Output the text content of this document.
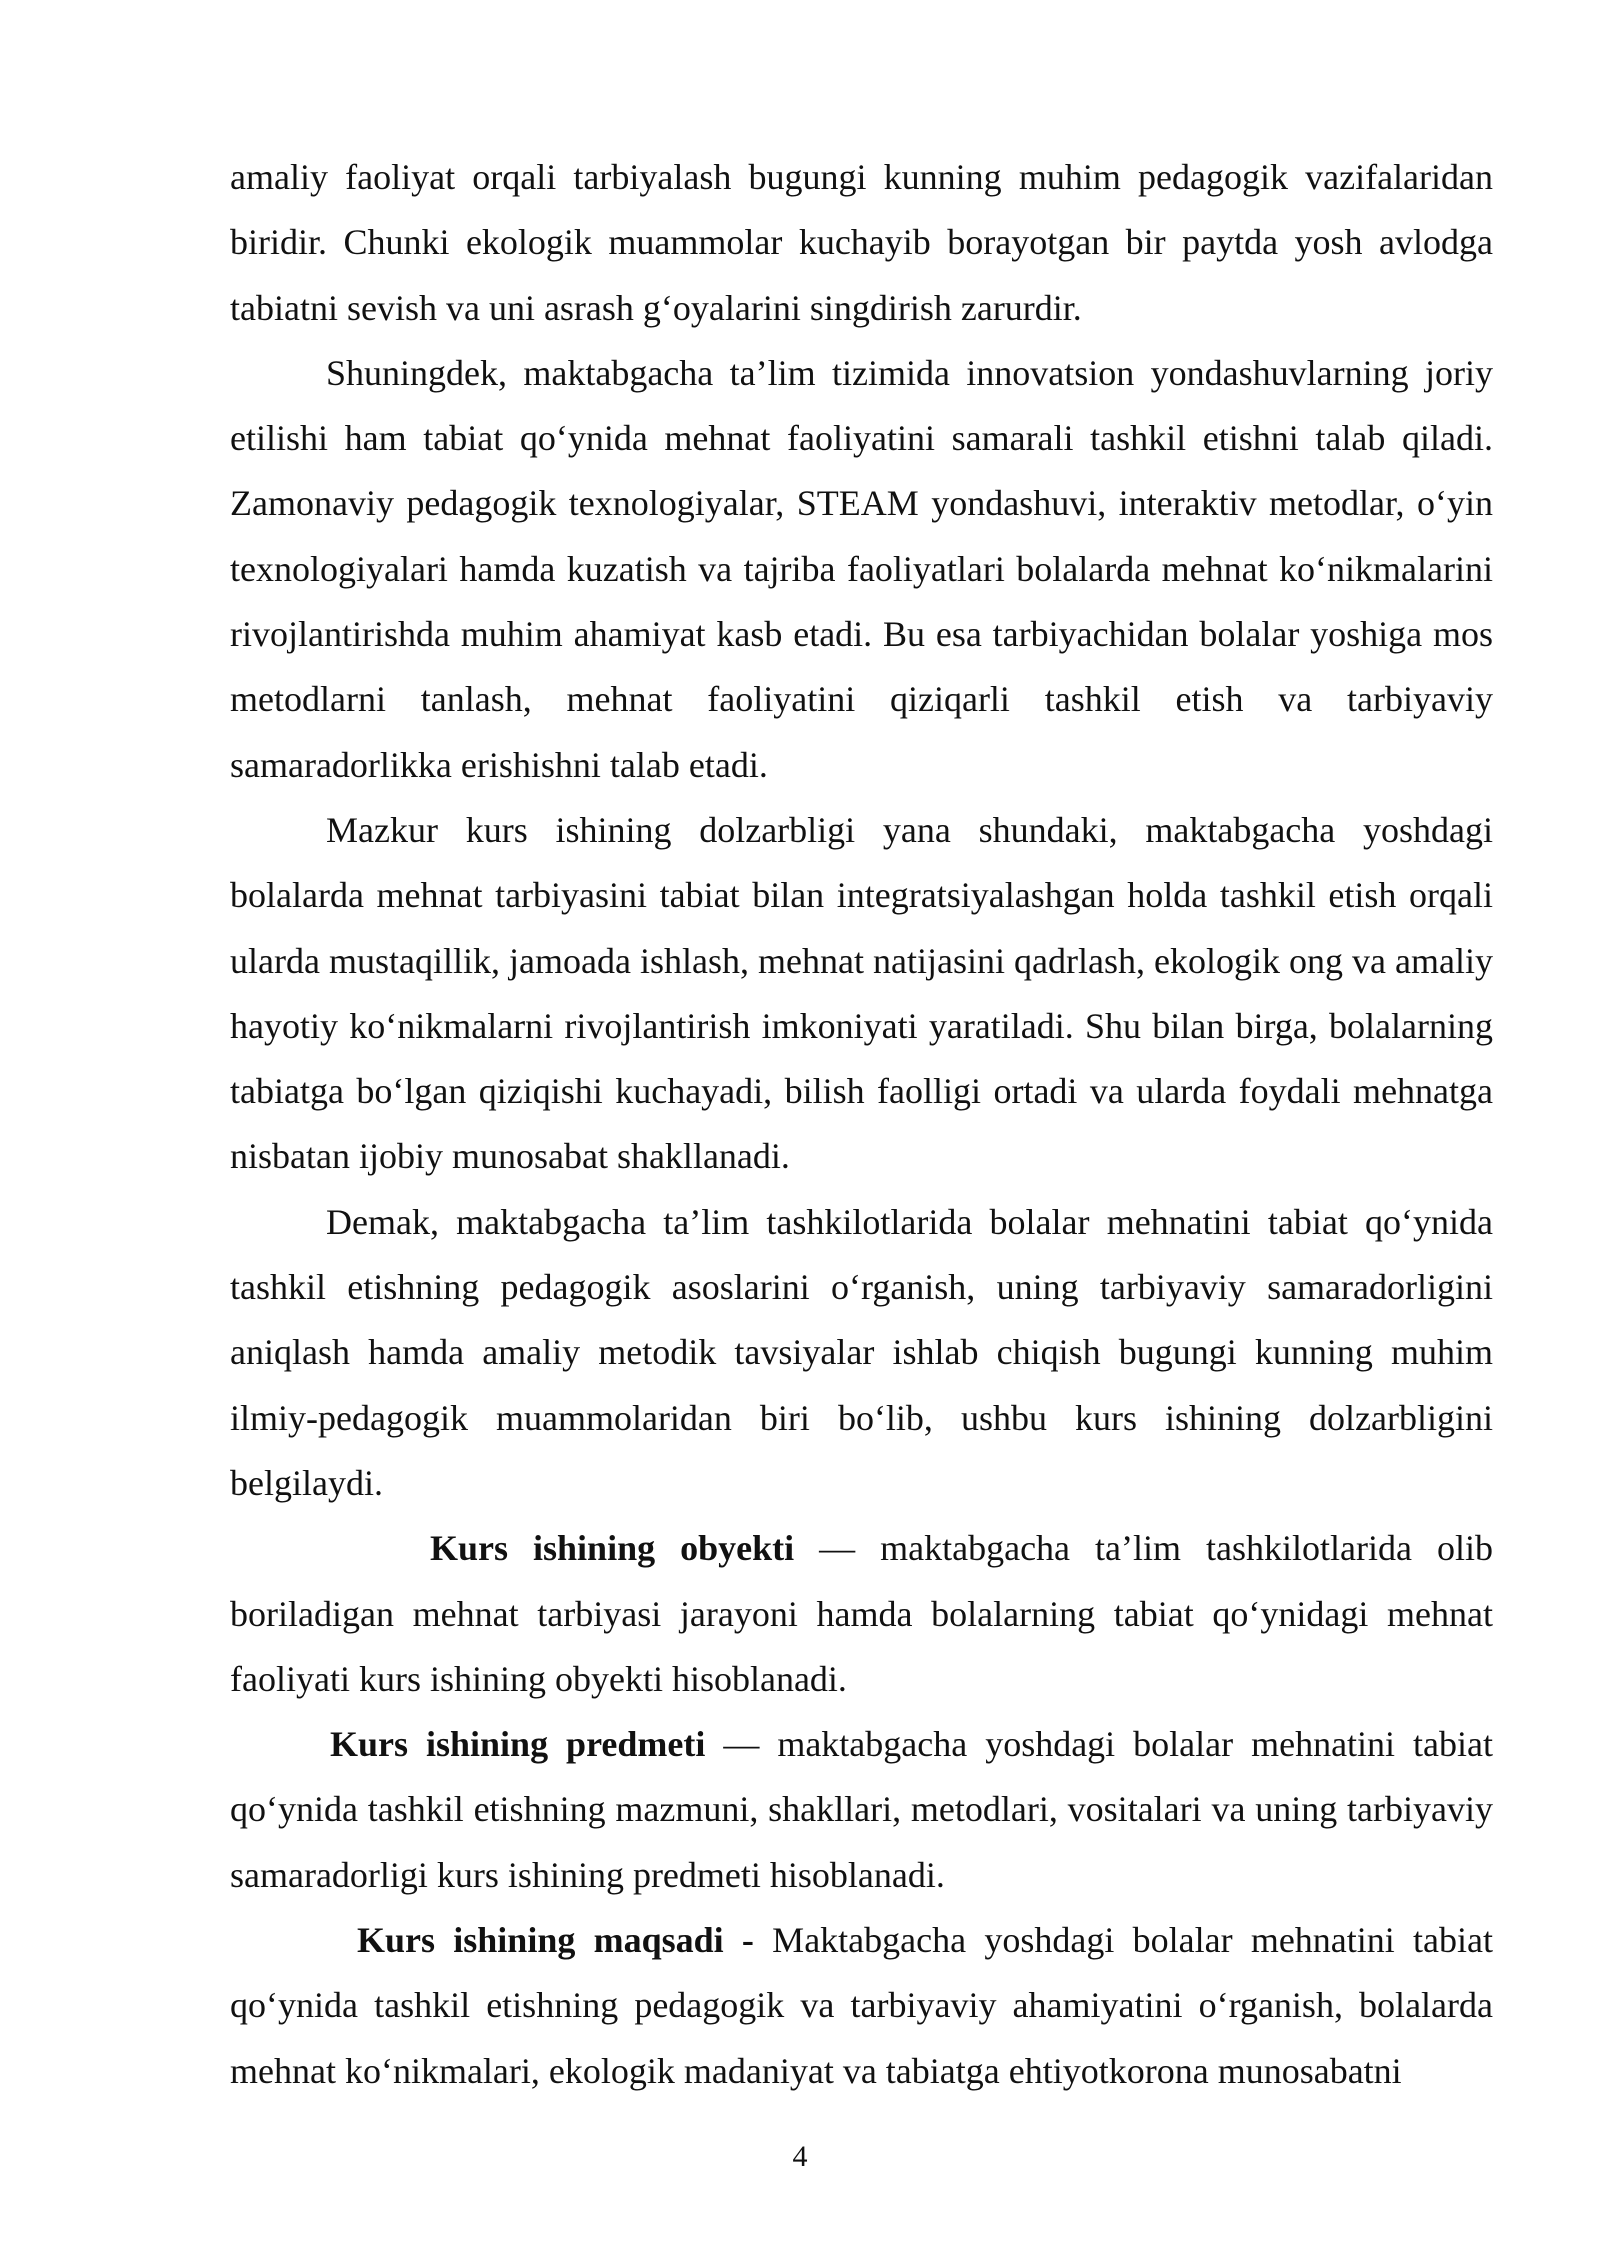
amaliy faoliyat orqali tarbiyalash bugungi kunning muhim pedagogik vazifalaridan biridir. Chunki ekologik muammolar kuchayib borayotgan bir paytda yosh avlodga tabiatni sevish va uni asrash g‘oyalarini singdirish zarurdir.

Shuningdek, maktabgacha ta’lim tizimida innovatsion yondashuvlarning joriy etilishi ham tabiat qo‘ynida mehnat faoliyatini samarali tashkil etishni talab qiladi. Zamonaviy pedagogik texnologiyalar, STEAM yondashuvi, interaktiv metodlar, o‘yin texnologiyalari hamda kuzatish va tajriba faoliyatlari bolalarda mehnat ko‘nikmalarini rivojlantirishda muhim ahamiyat kasb etadi. Bu esa tarbiyachidan bolalar yoshiga mos metodlarni tanlash, mehnat faoliyatini qiziqarli tashkil etish va tarbiyaviy samaradorlikka erishishni talab etadi.

Mazkur kurs ishining dolzarbligi yana shundaki, maktabgacha yoshdagi bolalarda mehnat tarbiyasini tabiat bilan integratsiyalashgan holda tashkil etish orqali ularda mustaqillik, jamoada ishlash, mehnat natijasini qadrlash, ekologik ong va amaliy hayotiy ko‘nikmalarni rivojlantirish imkoniyati yaratiladi. Shu bilan birga, bolalarning tabiatga bo‘lgan qiziqishi kuchayadi, bilish faolligi ortadi va ularda foydali mehnatga nisbatan ijobiy munosabat shakllanadi.

Demak, maktabgacha ta’lim tashkilotlarida bolalar mehnatini tabiat qo‘ynida tashkil etishning pedagogik asoslarini o‘rganish, uning tarbiyaviy samaradorligini aniqlash hamda amaliy metodik tavsiyalar ishlab chiqish bugungi kunning muhim ilmiy-pedagogik muammolaridan biri bo‘lib, ushbu kurs ishining dolzarbligini belgilaydi.

Kurs ishining obyekti — maktabgacha ta’lim tashkilotlarida olib boriladigan mehnat tarbiyasi jarayoni hamda bolalarning tabiat qo‘ynidagi mehnat faoliyati kurs ishining obyekti hisoblanadi.

Kurs ishining predmeti — maktabgacha yoshdagi bolalar mehnatini tabiat qo‘ynida tashkil etishning mazmuni, shakllari, metodlari, vositalari va uning tarbiyaviy samaradorligi kurs ishining predmeti hisoblanadi.

Kurs ishining maqsadi - Maktabgacha yoshdagi bolalar mehnatini tabiat qo‘ynida tashkil etishning pedagogik va tarbiyaviy ahamiyatini o‘rganish, bolalarda mehnat ko‘nikmalari, ekologik madaniyat va tabiatga ehtiyotkorona munosabatni

4
